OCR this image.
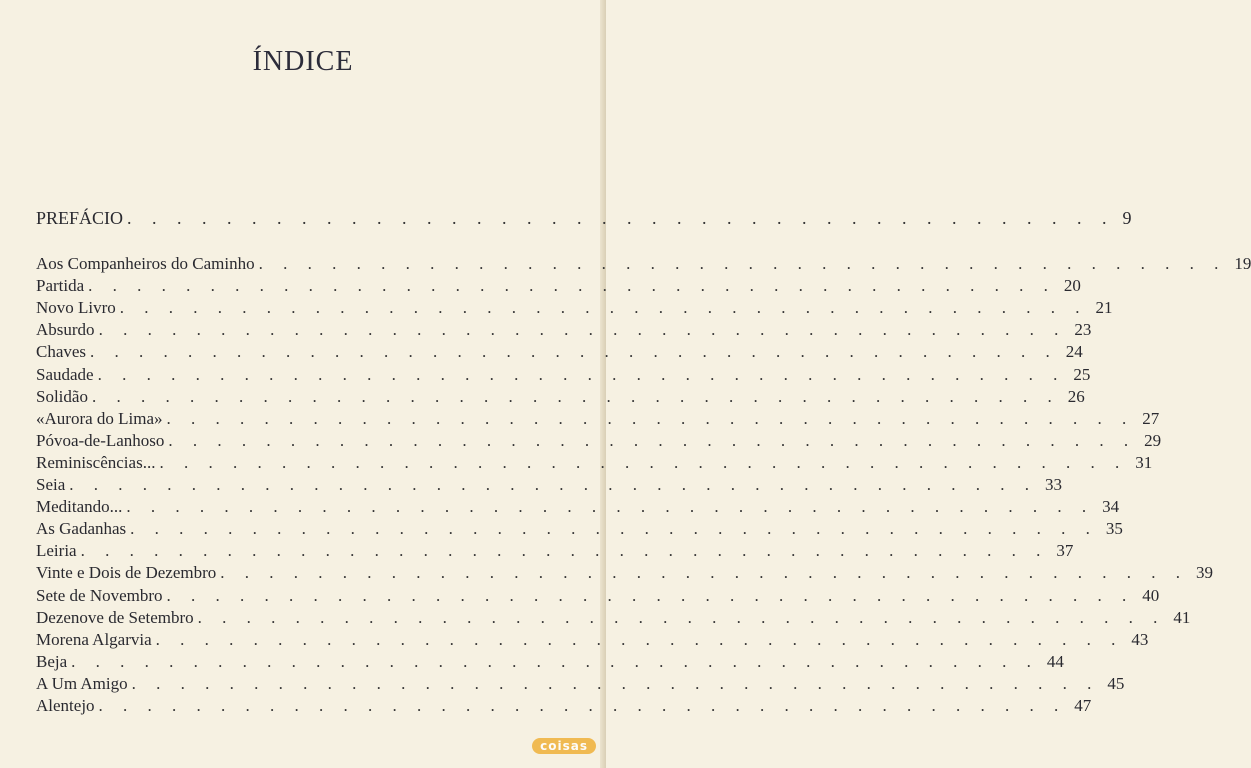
ÍNDICE
PREFÁCIO . . . . . . . . . . . . . . . . . . . . . . . . . . . . . . . . . . . . . . . . 9
Aos Companheiros do Caminho . . . . . . . . . . . . . . . . . . . . . . . . . . . . . . . . . . . . . . . . 19
Partida . . . . . . . . . . . . . . . . . . . . . . . . . . . . . . . . . . . . . . . . 20
Novo Livro . . . . . . . . . . . . . . . . . . . . . . . . . . . . . . . . . . . . . . . . 21
Absurdo . . . . . . . . . . . . . . . . . . . . . . . . . . . . . . . . . . . . . . . . 23
Chaves . . . . . . . . . . . . . . . . . . . . . . . . . . . . . . . . . . . . . . . . 24
Saudade . . . . . . . . . . . . . . . . . . . . . . . . . . . . . . . . . . . . . . . . 25
Solidão . . . . . . . . . . . . . . . . . . . . . . . . . . . . . . . . . . . . . . . . 26
«Aurora do Lima» . . . . . . . . . . . . . . . . . . . . . . . . . . . . . . . . . . . . . . . . 27
Póvoa-de-Lanhoso . . . . . . . . . . . . . . . . . . . . . . . . . . . . . . . . . . . . . . . . 29
Reminiscências... . . . . . . . . . . . . . . . . . . . . . . . . . . . . . . . . . . . . . . . . 31
Seia . . . . . . . . . . . . . . . . . . . . . . . . . . . . . . . . . . . . . . . . 33
Meditando... . . . . . . . . . . . . . . . . . . . . . . . . . . . . . . . . . . . . . . . . 34
As Gadanhas . . . . . . . . . . . . . . . . . . . . . . . . . . . . . . . . . . . . . . . . 35
Leiria . . . . . . . . . . . . . . . . . . . . . . . . . . . . . . . . . . . . . . . . 37
Vinte e Dois de Dezembro . . . . . . . . . . . . . . . . . . . . . . . . . . . . . . . . . . . . . . . . 39
Sete de Novembro . . . . . . . . . . . . . . . . . . . . . . . . . . . . . . . . . . . . . . . . 40
Dezenove de Setembro . . . . . . . . . . . . . . . . . . . . . . . . . . . . . . . . . . . . . . . . 41
Morena Algarvia . . . . . . . . . . . . . . . . . . . . . . . . . . . . . . . . . . . . . . . . 43
Beja . . . . . . . . . . . . . . . . . . . . . . . . . . . . . . . . . . . . . . . . 44
A Um Amigo . . . . . . . . . . . . . . . . . . . . . . . . . . . . . . . . . . . . . . . . 45
Alentejo . . . . . . . . . . . . . . . . . . . . . . . . . . . . . . . . . . . . . . . . 47
coisas
